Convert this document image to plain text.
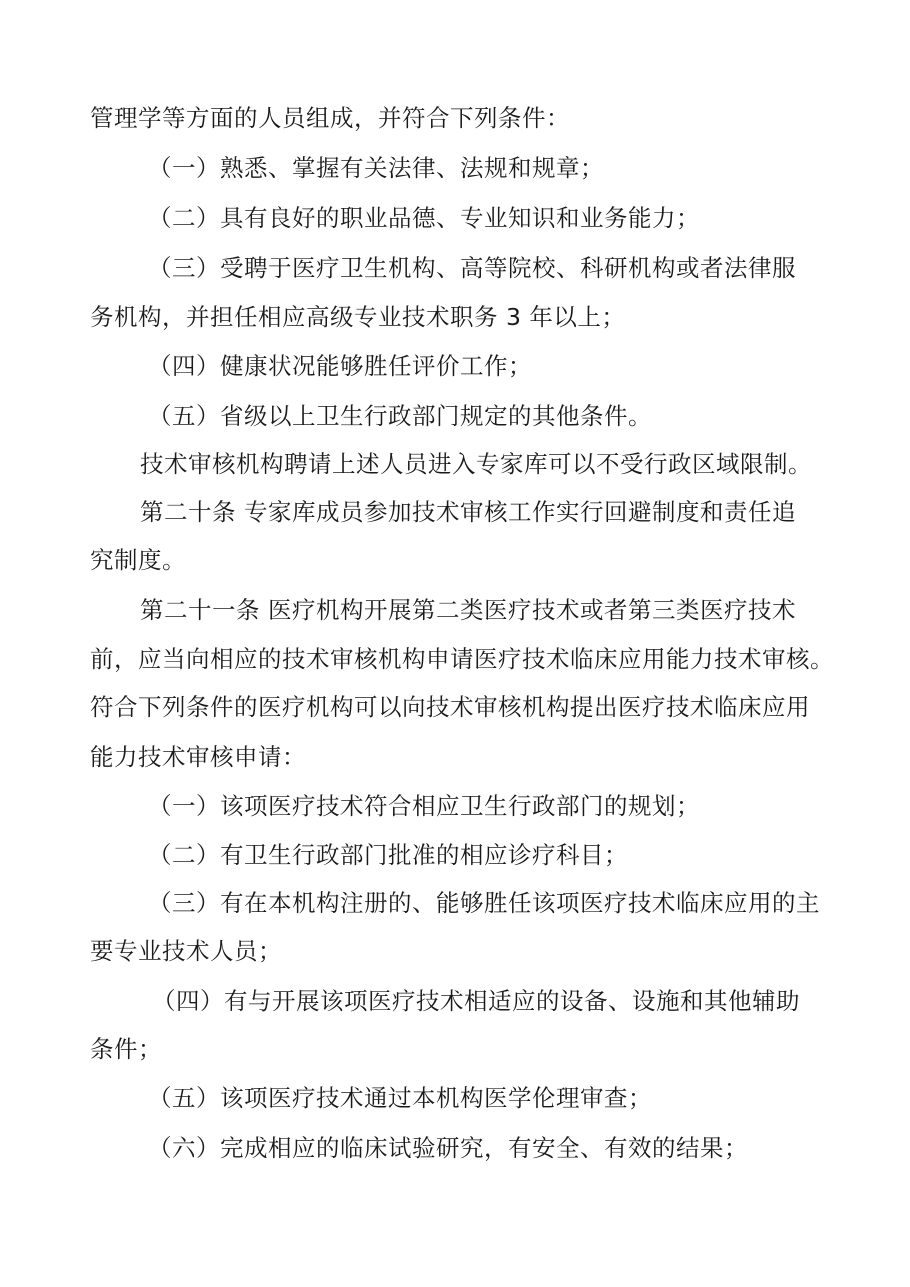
管理学等方面的人员组成，并符合下列条件：
（一）熟悉、掌握有关法律、法规和规章；
（二）具有良好的职业品德、专业知识和业务能力；
（三）受聘于医疗卫生机构、高等院校、科研机构或者法律服
务机构，并担任相应高级专业技术职务 3 年以上；
（四）健康状况能够胜任评价工作；
（五）省级以上卫生行政部门规定的其他条件。
技术审核机构聘请上述人员进入专家库可以不受行政区域限制。
第二十条 专家库成员参加技术审核工作实行回避制度和责任追
究制度。
第二十一条 医疗机构开展第二类医疗技术或者第三类医疗技术
前，应当向相应的技术审核机构申请医疗技术临床应用能力技术审核。
符合下列条件的医疗机构可以向技术审核机构提出医疗技术临床应用
能力技术审核申请：
（一）该项医疗技术符合相应卫生行政部门的规划；
（二）有卫生行政部门批准的相应诊疗科目；
（三）有在本机构注册的、能够胜任该项医疗技术临床应用的主
要专业技术人员；
（四）有与开展该项医疗技术相适应的设备、设施和其他辅助
条件；
（五）该项医疗技术通过本机构医学伦理审查；
（六）完成相应的临床试验研究，有安全、有效的结果；
